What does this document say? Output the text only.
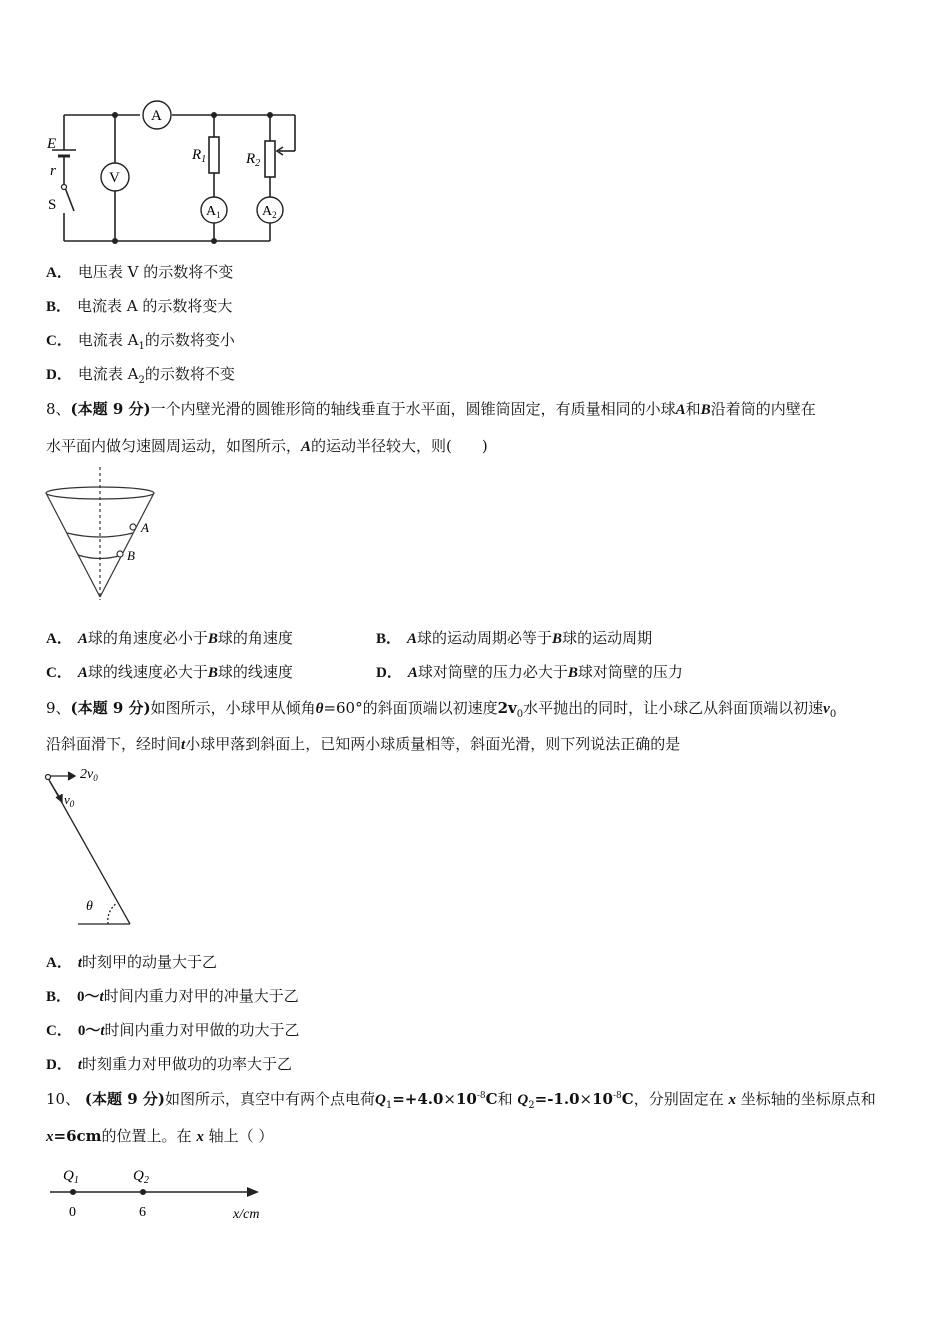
E
r
S
A
V
$R_1$	$R_2$
$A_1$	$A_2$
A． 电压表 V 的示数将不变
B． 电流表 A 的示数将变大
C． 电流表 $A_1$的示数将变小
D． 电流表 $A_2$的示数将不变
8、(本题 9 分)一个内壁光滑的圆锥形筒的轴线垂直于水平面，圆锥筒固定，有质量相同的小球A和B沿着筒的内壁在
水平面内做匀速圆周运动，如图所示，A的运动半径较大，则(　　)
A
B
A． A球的角速度必小于B球的角速度	B． A球的运动周期必等于B球的运动周期
C． A球的线速度必大于B球的线速度	D． A球对筒壁的压力必大于B球对筒壁的压力
9、(本题 9 分)如图所示，小球甲从倾角θ=60°的斜面顶端以初速度$2v_0$水平抛出的同时，让小球乙从斜面顶端以初速$v_0$
沿斜面滑下，经时间t小球甲落到斜面上，已知两小球质量相等，斜面光滑，则下列说法正确的是
$2v_0$
$v_0$
θ
A． t时刻甲的动量大于乙
B． 0～t时间内重力对甲的冲量大于乙
C． 0～t时间内重力对甲做的功大于乙
D． t时刻重力对甲做功的功率大于乙
10、 (本题 9 分)如图所示，真空中有两个点电荷$Q_1=+4.0\times 10^{-8}C$和 $Q_2=-1.0\times 10^{-8}C$，分别固定在 x 坐标轴的坐标原点和
x=6cm的位置上。在 x 轴上（ ）
$Q_1$	$Q_2$
0	6	x/cm
